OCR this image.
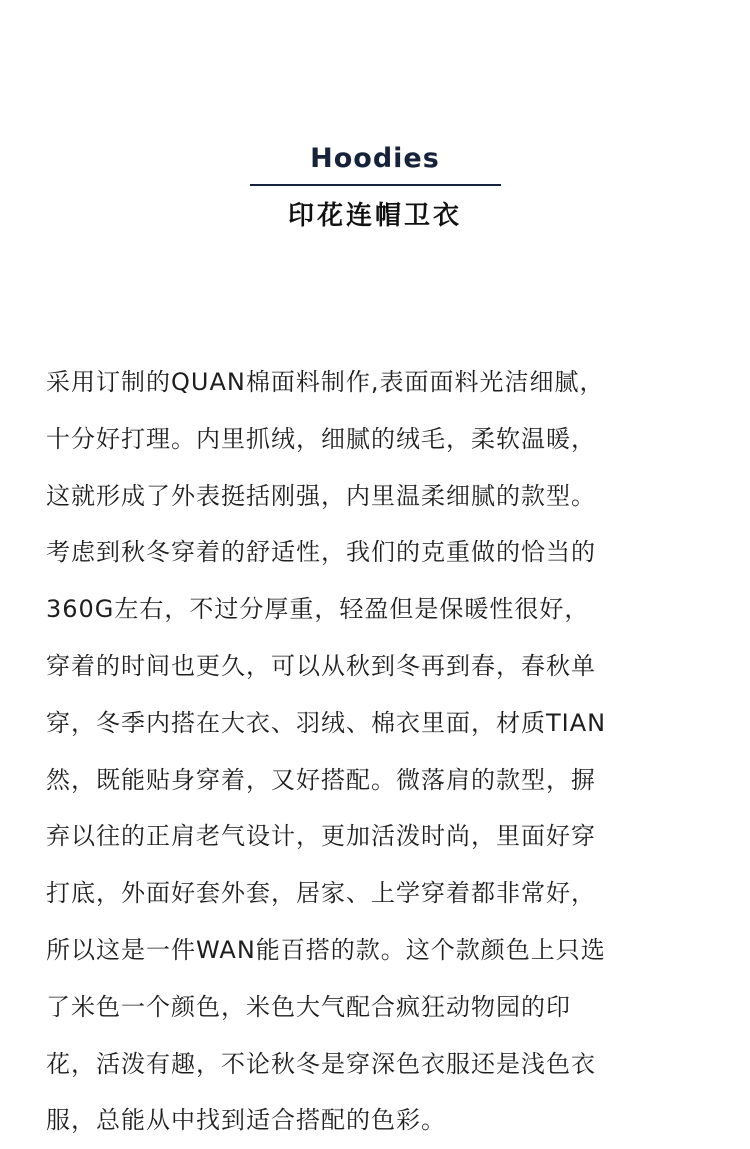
Hoodies
印花连帽卫衣
采用订制的QUAN棉面料制作,表面面料光洁细腻，
十分好打理。内里抓绒，细腻的绒毛，柔软温暖，
这就形成了外表挺括刚强，内里温柔细腻的款型。
考虑到秋冬穿着的舒适性，我们的克重做的恰当的
360G左右，不过分厚重，轻盈但是保暖性很好，
穿着的时间也更久，可以从秋到冬再到春，春秋单
穿，冬季内搭在大衣、羽绒、棉衣里面，材质TIAN
然，既能贴身穿着，又好搭配。微落肩的款型，摒
弃以往的正肩老气设计，更加活泼时尚，里面好穿
打底，外面好套外套，居家、上学穿着都非常好，
所以这是一件WAN能百搭的款。这个款颜色上只选
了米色一个颜色，米色大气配合疯狂动物园的印
花，活泼有趣，不论秋冬是穿深色衣服还是浅色衣
服，总能从中找到适合搭配的色彩。
